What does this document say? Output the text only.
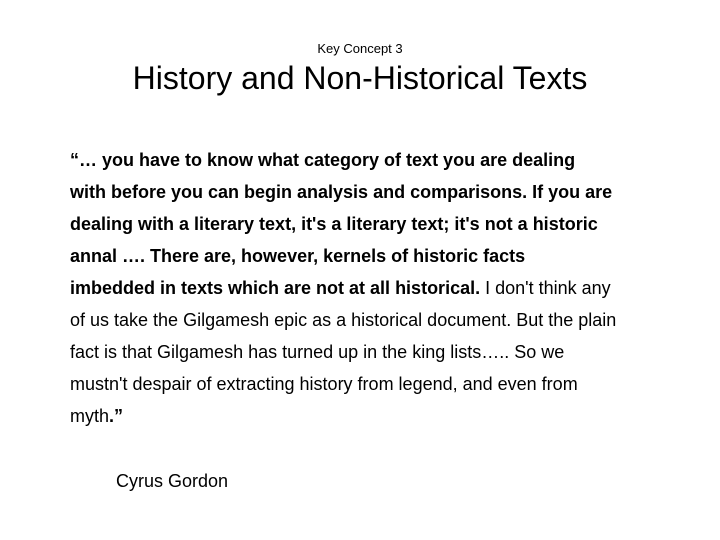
Key Concept 3
History and Non-Historical Texts
“… you have to know what category of text you are dealing
with before you can begin analysis and comparisons. If you are
dealing with a literary text, it's a literary text; it's not a historic
annal …. There are, however, kernels of historic facts
imbedded in texts which are not at all historical. I don't think any
of us take the Gilgamesh epic as a historical document. But the plain
fact is that Gilgamesh has turned up in the king lists….. So we
mustn't despair of extracting history from legend, and even from
myth.”
Cyrus Gordon
